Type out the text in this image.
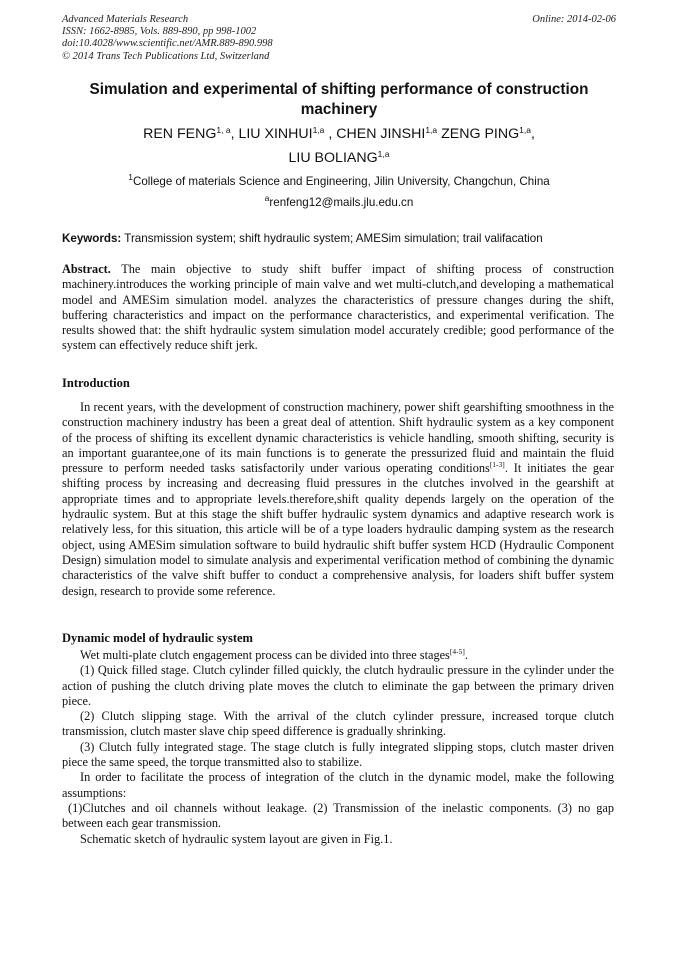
Advanced Materials Research
ISSN: 1662-8985, Vols. 889-890, pp 998-1002
doi:10.4028/www.scientific.net/AMR.889-890.998
© 2014 Trans Tech Publications Ltd, Switzerland
Online: 2014-02-06
Simulation and experimental of shifting performance of construction machinery
REN FENG$^{1, a}$, LIU XINHUI$^{1,a}$ , CHEN JINSHI$^{1,a}$ ZENG PING$^{1,a}$,
LIU BOLIANG$^{1,a}$
$^1$College of materials Science and Engineering, Jilin University, Changchun, China
$^a$renfeng12@mails.jlu.edu.cn
Keywords: Transmission system; shift hydraulic system; AMESim simulation; trail valifacation
Abstract. The main objective to study shift buffer impact of shifting process of construction machinery.introduces the working principle of main valve and wet multi-clutch,and developing a mathematical model and AMESim simulation model. analyzes the characteristics of pressure changes during the shift, buffering characteristics and impact on the performance characteristics, and experimental verification. The results showed that: the shift hydraulic system simulation model accurately credible; good performance of the system can effectively reduce shift jerk.
Introduction
In recent years, with the development of construction machinery, power shift gearshifting smoothness in the construction machinery industry has been a great deal of attention. Shift hydraulic system as a key component of the process of shifting its excellent dynamic characteristics is vehicle handling, smooth shifting, security is an important guarantee,one of its main functions is to generate the pressurized fluid and maintain the fluid pressure to perform needed tasks satisfactorily under various operating conditions[1-3]. It initiates the gear shifting process by increasing and decreasing fluid pressures in the clutches involved in the gearshift at appropriate times and to appropriate levels.therefore,shift quality depends largely on the operation of the hydraulic system. But at this stage the shift buffer hydraulic system dynamics and adaptive research work is relatively less, for this situation, this article will be of a type loaders hydraulic damping system as the research object, using AMESim simulation software to build hydraulic shift buffer system HCD (Hydraulic Component Design) simulation model to simulate analysis and experimental verification method of combining the dynamic characteristics of the valve shift buffer to conduct a comprehensive analysis, for loaders shift buffer system design, research to provide some reference.
Dynamic model of hydraulic system

Wet multi-plate clutch engagement process can be divided into three stages[4-5].

(1) Quick filled stage. Clutch cylinder filled quickly, the clutch hydraulic pressure in the cylinder under the action of pushing the clutch driving plate moves the clutch to eliminate the gap between the primary driven piece.

(2) Clutch slipping stage. With the arrival of the clutch cylinder pressure, increased torque clutch transmission, clutch master slave chip speed difference is gradually shrinking.

(3) Clutch fully integrated stage. The stage clutch is fully integrated slipping stops, clutch master driven piece the same speed, the torque transmitted also to stabilize.

In order to facilitate the process of integration of the clutch in the dynamic model, make the following assumptions:

(1)Clutches and oil channels without leakage. (2) Transmission of the inelastic components. (3) no gap between each gear transmission.

Schematic sketch of hydraulic system layout are given in Fig.1.
